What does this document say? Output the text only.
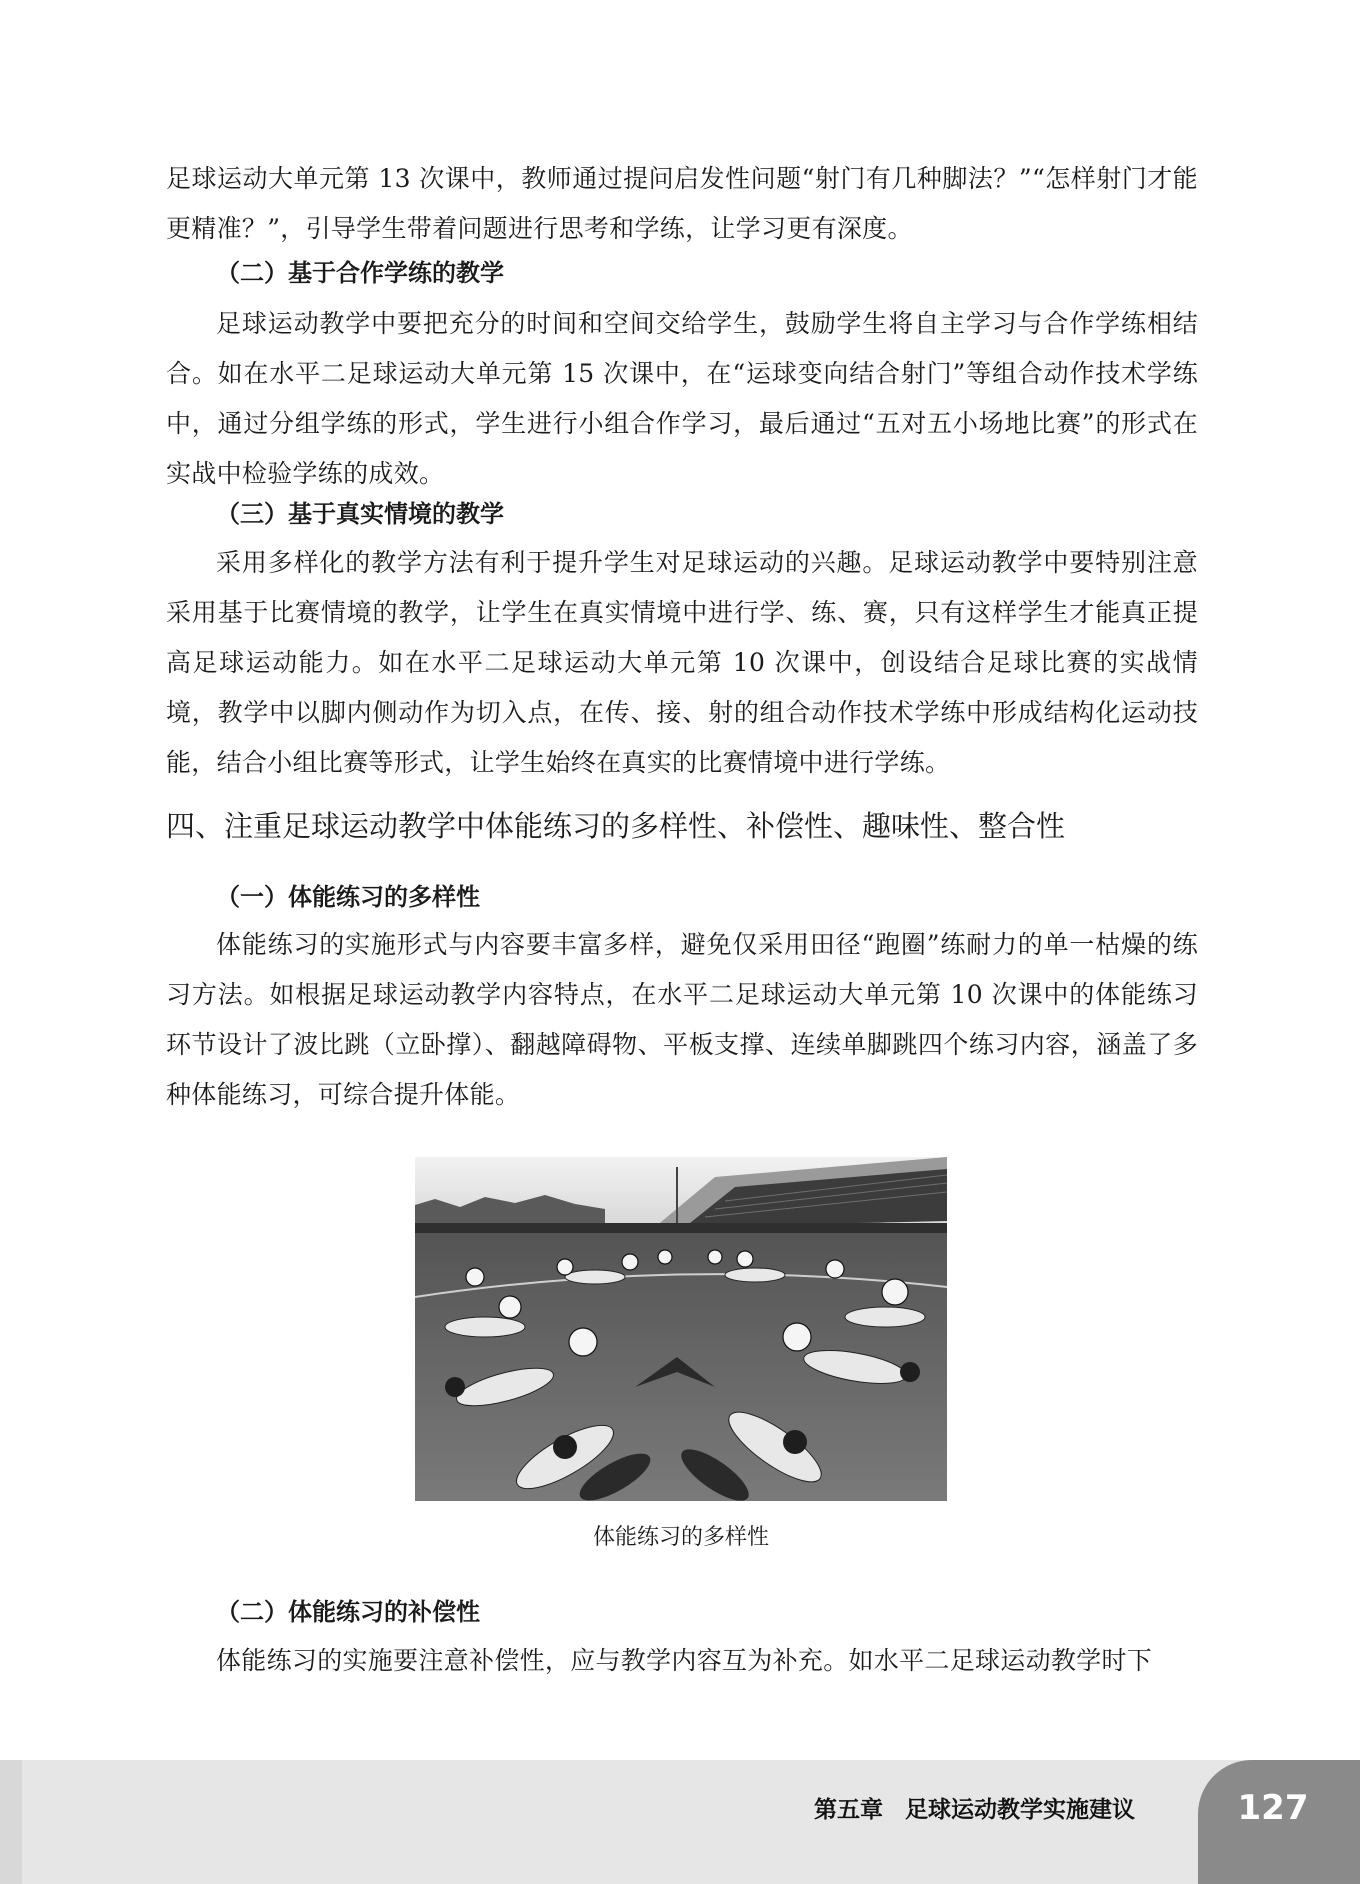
足球运动大单元第 13 次课中，教师通过提问启发性问题“射门有几种脚法？”“怎样射门才能更精准？”，引导学生带着问题进行思考和学练，让学习更有深度。

（二）基于合作学练的教学

足球运动教学中要把充分的时间和空间交给学生，鼓励学生将自主学习与合作学练相结合。如在水平二足球运动大单元第 15 次课中，在“运球变向结合射门”等组合动作技术学练中，通过分组学练的形式，学生进行小组合作学习，最后通过“五对五小场地比赛”的形式在实战中检验学练的成效。

（三）基于真实情境的教学

采用多样化的教学方法有利于提升学生对足球运动的兴趣。足球运动教学中要特别注意采用基于比赛情境的教学，让学生在真实情境中进行学、练、赛，只有这样学生才能真正提高足球运动能力。如在水平二足球运动大单元第 10 次课中，创设结合足球比赛的实战情境，教学中以脚内侧动作为切入点，在传、接、射的组合动作技术学练中形成结构化运动技能，结合小组比赛等形式，让学生始终在真实的比赛情境中进行学练。

四、注重足球运动教学中体能练习的多样性、补偿性、趣味性、整合性
（一）体能练习的多样性

体能练习的实施形式与内容要丰富多样，避免仅采用田径“跑圈”练耐力的单一枯燥的练习方法。如根据足球运动教学内容特点，在水平二足球运动大单元第 10 次课中的体能练习环节设计了波比跳（立卧撑）、翻越障碍物、平板支撑、连续单脚跳四个练习内容，涵盖了多种体能练习，可综合提升体能。

体能练习的多样性

（二）体能练习的补偿性

体能练习的实施要注意补偿性，应与教学内容互为补充。如水平二足球运动教学时下

第五章 足球运动教学实施建议	127
